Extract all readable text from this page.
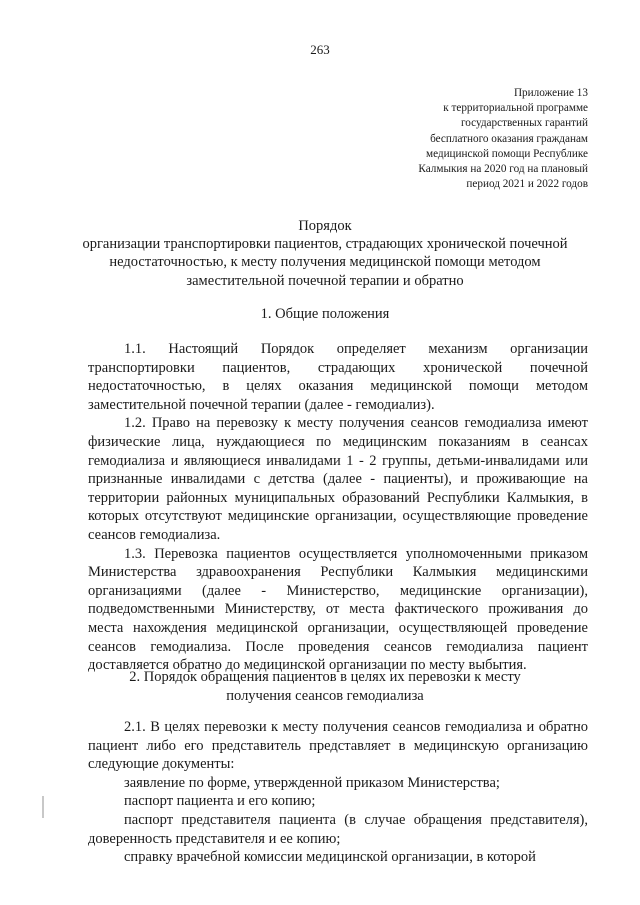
263
Приложение 13
к территориальной программе
государственных гарантий
бесплатного оказания гражданам
медицинской помощи Республике
Калмыкия на 2020 год на плановый
период 2021 и 2022 годов
Порядок
организации транспортировки пациентов, страдающих хронической почечной недостаточностью, к месту получения медицинской помощи методом заместительной почечной терапии и обратно
1. Общие положения

1.1. Настоящий Порядок определяет механизм организации транспортировки пациентов, страдающих хронической почечной недостаточностью, в целях оказания медицинской помощи методом заместительной почечной терапии (далее - гемодиализ).

1.2. Право на перевозку к месту получения сеансов гемодиализа имеют физические лица, нуждающиеся по медицинским показаниям в сеансах гемодиализа и являющиеся инвалидами 1 - 2 группы, детьми-инвалидами или признанные инвалидами с детства (далее - пациенты), и проживающие на территории районных муниципальных образований Республики Калмыкия, в которых отсутствуют медицинские организации, осуществляющие проведение сеансов гемодиализа.

1.3. Перевозка пациентов осуществляется уполномоченными приказом Министерства здравоохранения Республики Калмыкия медицинскими организациями (далее - Министерство, медицинские организации), подведомственными Министерству, от места фактического проживания до места нахождения медицинской организации, осуществляющей проведение сеансов гемодиализа. После проведения сеансов гемодиализа пациент доставляется обратно до медицинской организации по месту выбытия.

2. Порядок обращения пациентов в целях их перевозки к месту получения сеансов гемодиализа

2.1. В целях перевозки к месту получения сеансов гемодиализа и обратно пациент либо его представитель представляет в медицинскую организацию следующие документы:

заявление по форме, утвержденной приказом Министерства;

паспорт пациента и его копию;

паспорт представителя пациента (в случае обращения представителя), доверенность представителя и ее копию;

справку врачебной комиссии медицинской организации, в которой
